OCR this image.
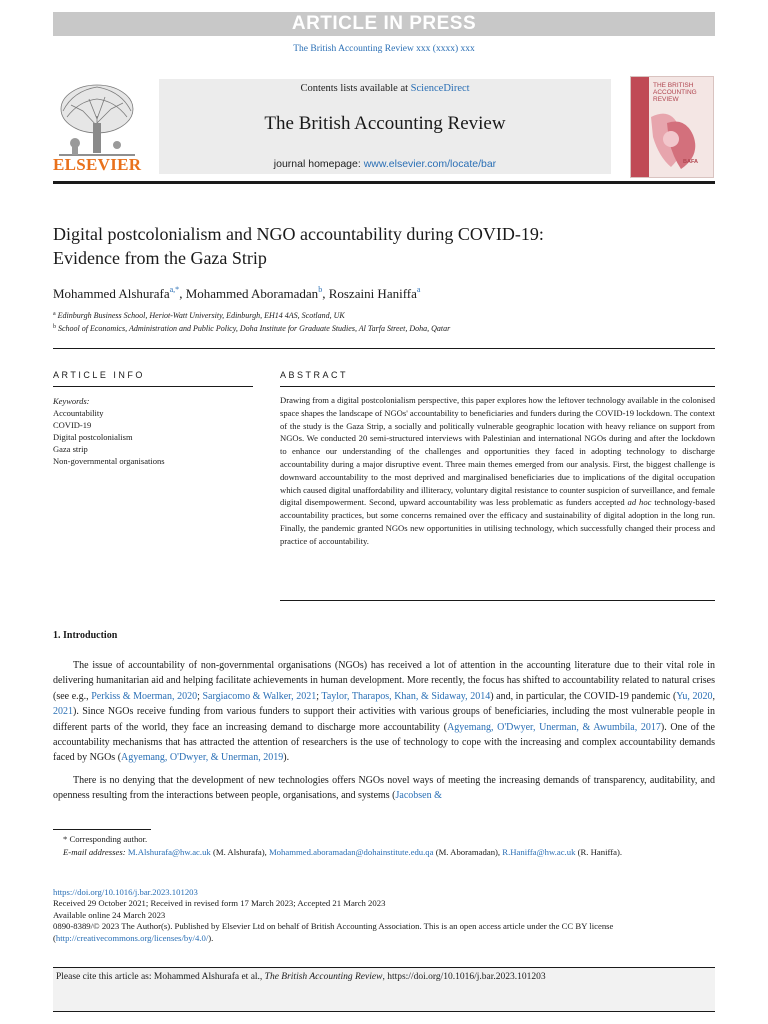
ARTICLE IN PRESS
The British Accounting Review xxx (xxxx) xxx
ELSEVIER
Contents lists available at ScienceDirect
The British Accounting Review
journal homepage: www.elsevier.com/locate/bar
THE BRITISH ACCOUNTING REVIEW
BAFA
Digital postcolonialism and NGO accountability during COVID-19:
Evidence from the Gaza Strip
Mohammed Alshurafa$^{a,*}$, Mohammed Aboramadan$^b$, Roszaini Haniffa$^a$
$^a$ Edinburgh Business School, Heriot-Watt University, Edinburgh, EH14 4AS, Scotland, UK
$^b$ School of Economics, Administration and Public Policy, Doha Institute for Graduate Studies, Al Tarfa Street, Doha, Qatar
ARTICLE INFO	ABSTRACT
Keywords:
Accountability
COVID-19
Digital postcolonialism
Gaza strip
Non-governmental organisations
Drawing from a digital postcolonialism perspective, this paper explores how the leftover technology available in the colonised space shapes the landscape of NGOs' accountability to beneficiaries and funders during the COVID-19 lockdown. The context of the study is the Gaza Strip, a socially and politically vulnerable geographic location with heavy reliance on support from NGOs. We conducted 20 semi-structured interviews with Palestinian and international NGOs during and after the lockdown to enhance our understanding of the challenges and opportunities they faced in adopting technology to discharge accountability during a major disruptive event. Three main themes emerged from our analysis. First, the biggest challenge is downward accountability to the most deprived and marginalised beneficiaries due to implications of the digital occupation which caused digital unaffordability and illiteracy, voluntary digital resistance to counter suspicion of surveillance, and female digital disempowerment. Second, upward accountability was less problematic as funders accepted ad hoc technology-based accountability practices, but some concerns remained over the efficacy and sustainability of digital adoption in the long run. Finally, the pandemic granted NGOs new opportunities in utilising technology, which successfully changed their process and practice of accountability.
1. Introduction
The issue of accountability of non-governmental organisations (NGOs) has received a lot of attention in the accounting literature due to their vital role in delivering humanitarian aid and helping facilitate achievements in human development. More recently, the focus has shifted to accountability related to natural crises (see e.g., Perkiss & Moerman, 2020; Sargiacomo & Walker, 2021; Taylor, Tharapos, Khan, & Sidaway, 2014) and, in particular, the COVID-19 pandemic (Yu, 2020, 2021). Since NGOs receive funding from various funders to support their activities with various groups of beneficiaries, including the most vulnerable people in different parts of the world, they face an increasing demand to discharge more accountability (Agyemang, O'Dwyer, Unerman, & Awumbila, 2017). One of the accountability mechanisms that has attracted the attention of researchers is the use of technology to cope with the increasing and complex accountability demands faced by NGOs (Agyemang, O'Dwyer, & Unerman, 2019).
There is no denying that the development of new technologies offers NGOs novel ways of meeting the increasing demands of transparency, auditability, and openness resulting from the interactions between people, organisations, and systems (Jacobsen &
* Corresponding author.
E-mail addresses: M.Alshurafa@hw.ac.uk (M. Alshurafa), Mohammed.aboramadan@dohainstitute.edu.qa (M. Aboramadan), R.Haniffa@hw.ac.uk (R. Haniffa).
https://doi.org/10.1016/j.bar.2023.101203
Received 29 October 2021; Received in revised form 17 March 2023; Accepted 21 March 2023
Available online 24 March 2023
0890-8389/© 2023 The Author(s). Published by Elsevier Ltd on behalf of British Accounting Association. This is an open access article under the CC BY license (http://creativecommons.org/licenses/by/4.0/).
Please cite this article as: Mohammed Alshurafa et al., The British Accounting Review, https://doi.org/10.1016/j.bar.2023.101203
